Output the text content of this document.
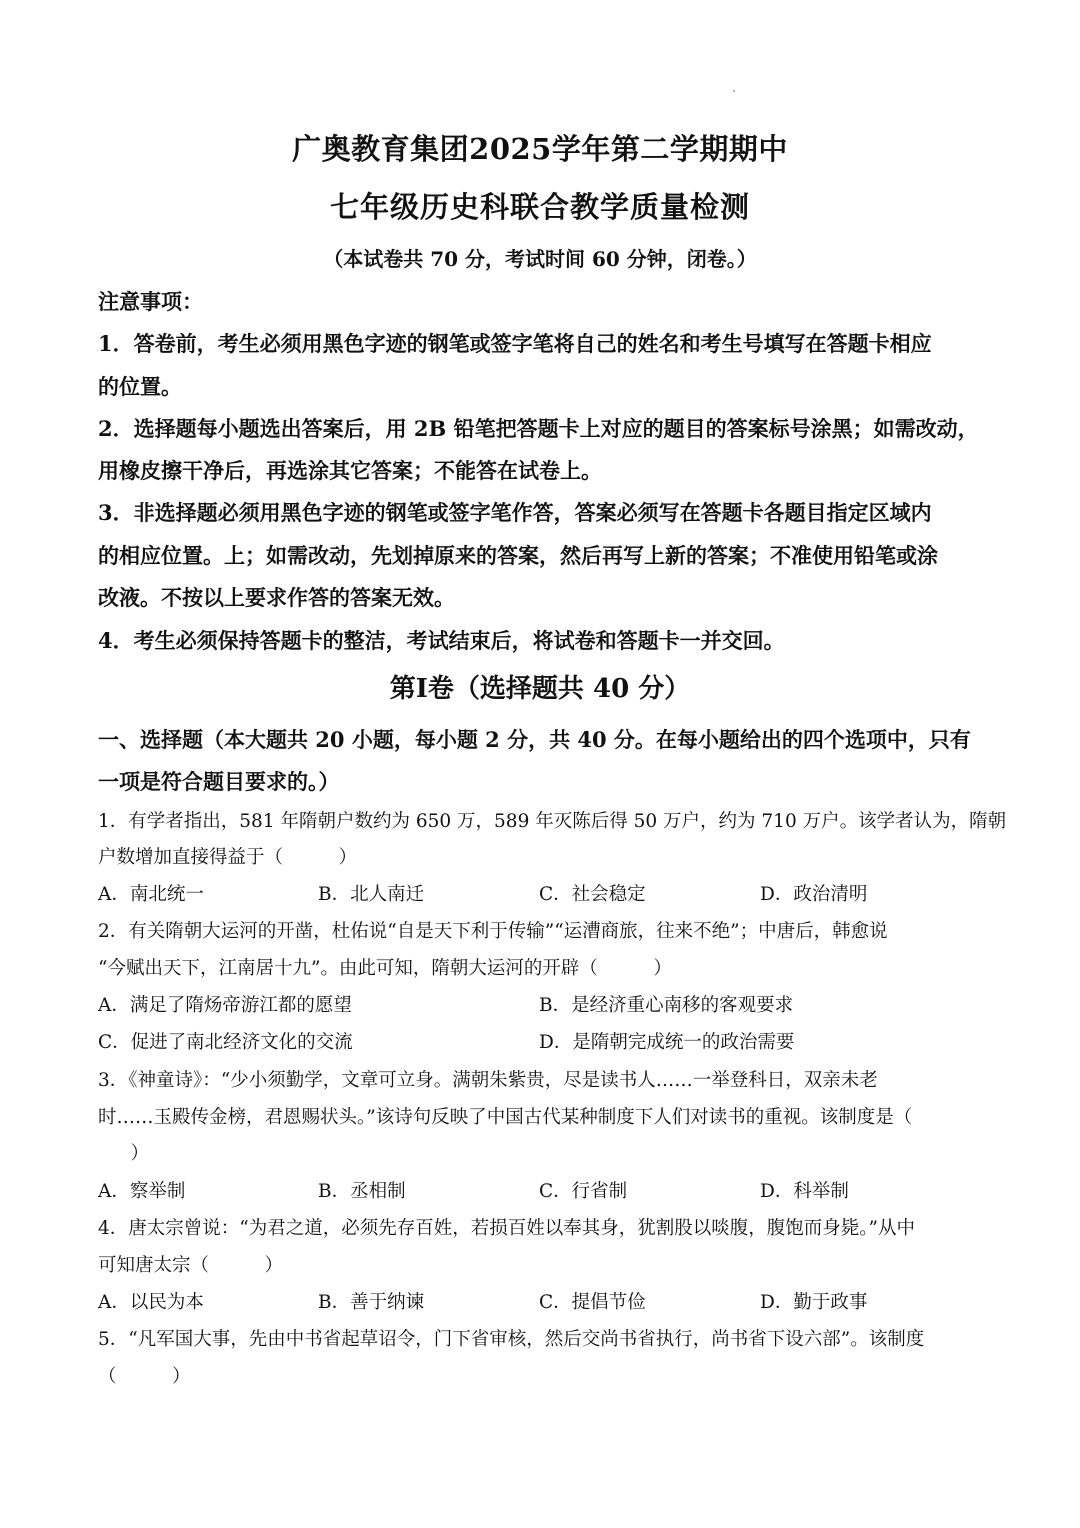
广奥教育集团2025学年第二学期期中
七年级历史科联合教学质量检测
（本试卷共 70 分，考试时间 60 分钟，闭卷。）
注意事项：
1．答卷前，考生必须用黑色字迹的钢笔或签字笔将自己的姓名和考生号填写在答题卡相应
的位置。
2．选择题每小题选出答案后，用 2B 铅笔把答题卡上对应的题目的答案标号涂黑；如需改动，
用橡皮擦干净后，再选涂其它答案；不能答在试卷上。
3．非选择题必须用黑色字迹的钢笔或签字笔作答，答案必须写在答题卡各题目指定区域内
的相应位置。上；如需改动，先划掉原来的答案，然后再写上新的答案；不准使用铅笔或涂
改液。不按以上要求作答的答案无效。
4．考生必须保持答题卡的整洁，考试结束后，将试卷和答题卡一并交回。
第Ⅰ卷（选择题共 40 分）
一、选择题（本大题共 20 小题，每小题 2 分，共 40 分。在每小题给出的四个选项中，只有
一项是符合题目要求的。）
1．有学者指出，581 年隋朝户数约为 650 万，589 年灭陈后得 50 万户，约为 710 万户。该学者认为，隋朝
户数增加直接得益于（　　　）
A．南北统一	B．北人南迁	C．社会稳定	D．政治清明
2．有关隋朝大运河的开凿，杜佑说“自是天下利于传输”“运漕商旅，往来不绝”；中唐后，韩愈说
“今赋出天下，江南居十九”。由此可知，隋朝大运河的开辟（　　　）
A．满足了隋炀帝游江都的愿望	B．是经济重心南移的客观要求
C．促进了南北经济文化的交流	D．是隋朝完成统一的政治需要
3．《神童诗》：“少小须勤学，文章可立身。满朝朱紫贵，尽是读书人……一举登科日，双亲未老
时……玉殿传金榜，君恩赐状头。”该诗句反映了中国古代某种制度下人们对读书的重视。该制度是（
　）
A．察举制	B．丞相制	C．行省制	D．科举制
4．唐太宗曾说：“为君之道，必须先存百姓，若损百姓以奉其身，犹割股以啖腹，腹饱而身毙。”从中
可知唐太宗（　　　）
A．以民为本	B．善于纳谏	C．提倡节俭	D．勤于政事
5．“凡军国大事，先由中书省起草诏令，门下省审核，然后交尚书省执行，尚书省下设六部”。该制度
（　　　）
